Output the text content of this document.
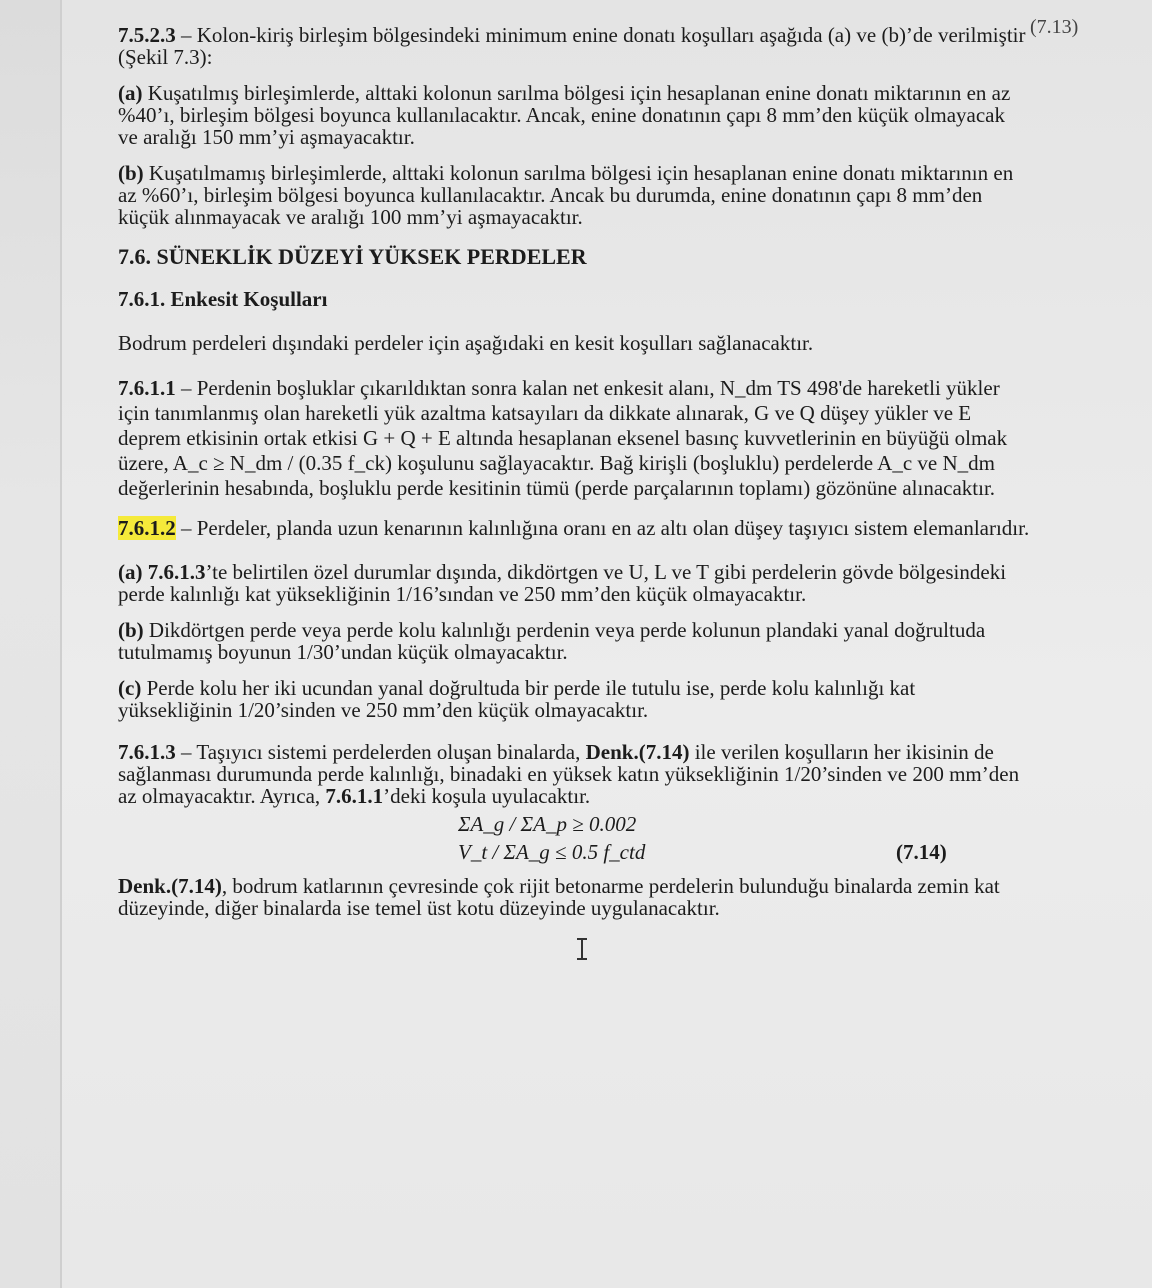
(7.13)

7.5.2.3 – Kolon-kiriş birleşim bölgesindeki minimum enine donatı koşulları aşağıda (a) ve (b)’de verilmiştir (Şekil 7.3):

(a) Kuşatılmış birleşimlerde, alttaki kolonun sarılma bölgesi için hesaplanan enine donatı miktarının en az %40’ı, birleşim bölgesi boyunca kullanılacaktır. Ancak, enine donatının çapı 8 mm’den küçük olmayacak ve aralığı 150 mm’yi aşmayacaktır.

(b) Kuşatılmamış birleşimlerde, alttaki kolonun sarılma bölgesi için hesaplanan enine donatı miktarının en az %60’ı, birleşim bölgesi boyunca kullanılacaktır. Ancak bu durumda, enine donatının çapı 8 mm’den küçük alınmayacak ve aralığı 100 mm’yi aşmayacaktır.

7.6. SÜNEKLİK DÜZEYİ YÜKSEK PERDELER

7.6.1. Enkesit Koşulları

Bodrum perdeleri dışındaki perdeler için aşağıdaki en kesit koşulları sağlanacaktır.

7.6.1.1 – Perdenin boşluklar çıkarıldıktan sonra kalan net enkesit alanı, N_dm TS 498'de hareketli yükler için tanımlanmış olan hareketli yük azaltma katsayıları da dikkate alınarak, G ve Q düşey yükler ve E deprem etkisinin ortak etkisi G + Q + E altında hesaplanan eksenel basınç kuvvetlerinin en büyüğü olmak üzere, A_c ≥ N_dm / (0.35 f_ck) koşulunu sağlayacaktır. Bağ kirişli (boşluklu) perdelerde A_c ve N_dm değerlerinin hesabında, boşluklu perde kesitinin tümü (perde parçalarının toplamı) gözönüne alınacaktır.

7.6.1.2 – Perdeler, planda uzun kenarının kalınlığına oranı en az altı olan düşey taşıyıcı sistem elemanlarıdır.

(a) 7.6.1.3’te belirtilen özel durumlar dışında, dikdörtgen ve U, L ve T gibi perdelerin gövde bölgesindeki perde kalınlığı kat yüksekliğinin 1/16’sından ve 250 mm’den küçük olmayacaktır.

(b) Dikdörtgen perde veya perde kolu kalınlığı perdenin veya perde kolunun plandaki yanal doğrultuda tutulmamış boyunun 1/30’undan küçük olmayacaktır.

(c) Perde kolu her iki ucundan yanal doğrultuda bir perde ile tutulu ise, perde kolu kalınlığı kat yüksekliğinin 1/20’sinden ve 250 mm’den küçük olmayacaktır.

7.6.1.3 – Taşıyıcı sistemi perdelerden oluşan binalarda, Denk.(7.14) ile verilen koşulların her ikisinin de sağlanması durumunda perde kalınlığı, binadaki en yüksek katın yüksekliğinin 1/20’sinden ve 200 mm’den az olmayacaktır. Ayrıca, 7.6.1.1’deki koşula uyulacaktır.

ΣA_g / ΣA_p ≥ 0.002
V_t / ΣA_g ≤ 0.5 f_ctd	(7.14)

Denk.(7.14), bodrum katlarının çevresinde çok rijit betonarme perdelerin bulunduğu binalarda zemin kat düzeyinde, diğer binalarda ise temel üst kotu düzeyinde uygulanacaktır.
